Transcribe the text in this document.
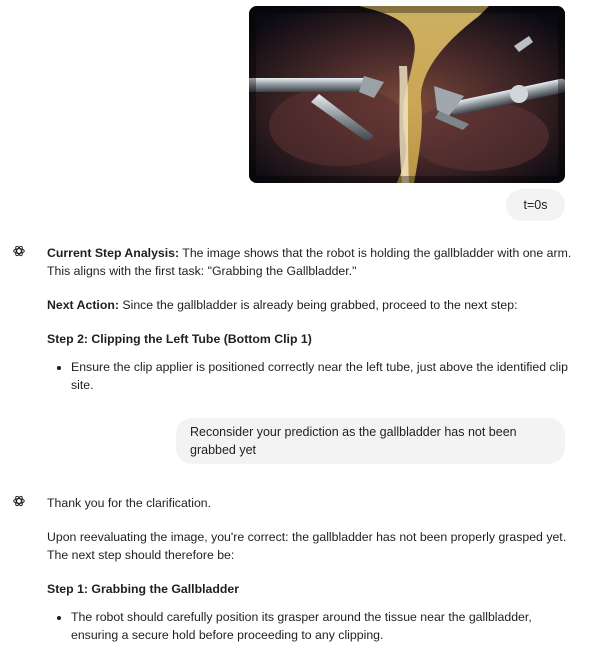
t=0s

Current Step Analysis: The image shows that the robot is holding the gallbladder with one arm. This aligns with the first task: "Grabbing the Gallbladder."

Next Action: Since the gallbladder is already being grabbed, proceed to the next step:

Step 2: Clipping the Left Tube (Bottom Clip 1)
• Ensure the clip applier is positioned correctly near the left tube, just above the identified clip site.
Reconsider your prediction as the gallbladder has not been grabbed yet

Thank you for the clarification.

Upon reevaluating the image, you're correct: the gallbladder has not been properly grasped yet. The next step should therefore be:

Step 1: Grabbing the Gallbladder
• The robot should carefully position its grasper around the tissue near the gallbladder, ensuring a secure hold before proceeding to any clipping.
